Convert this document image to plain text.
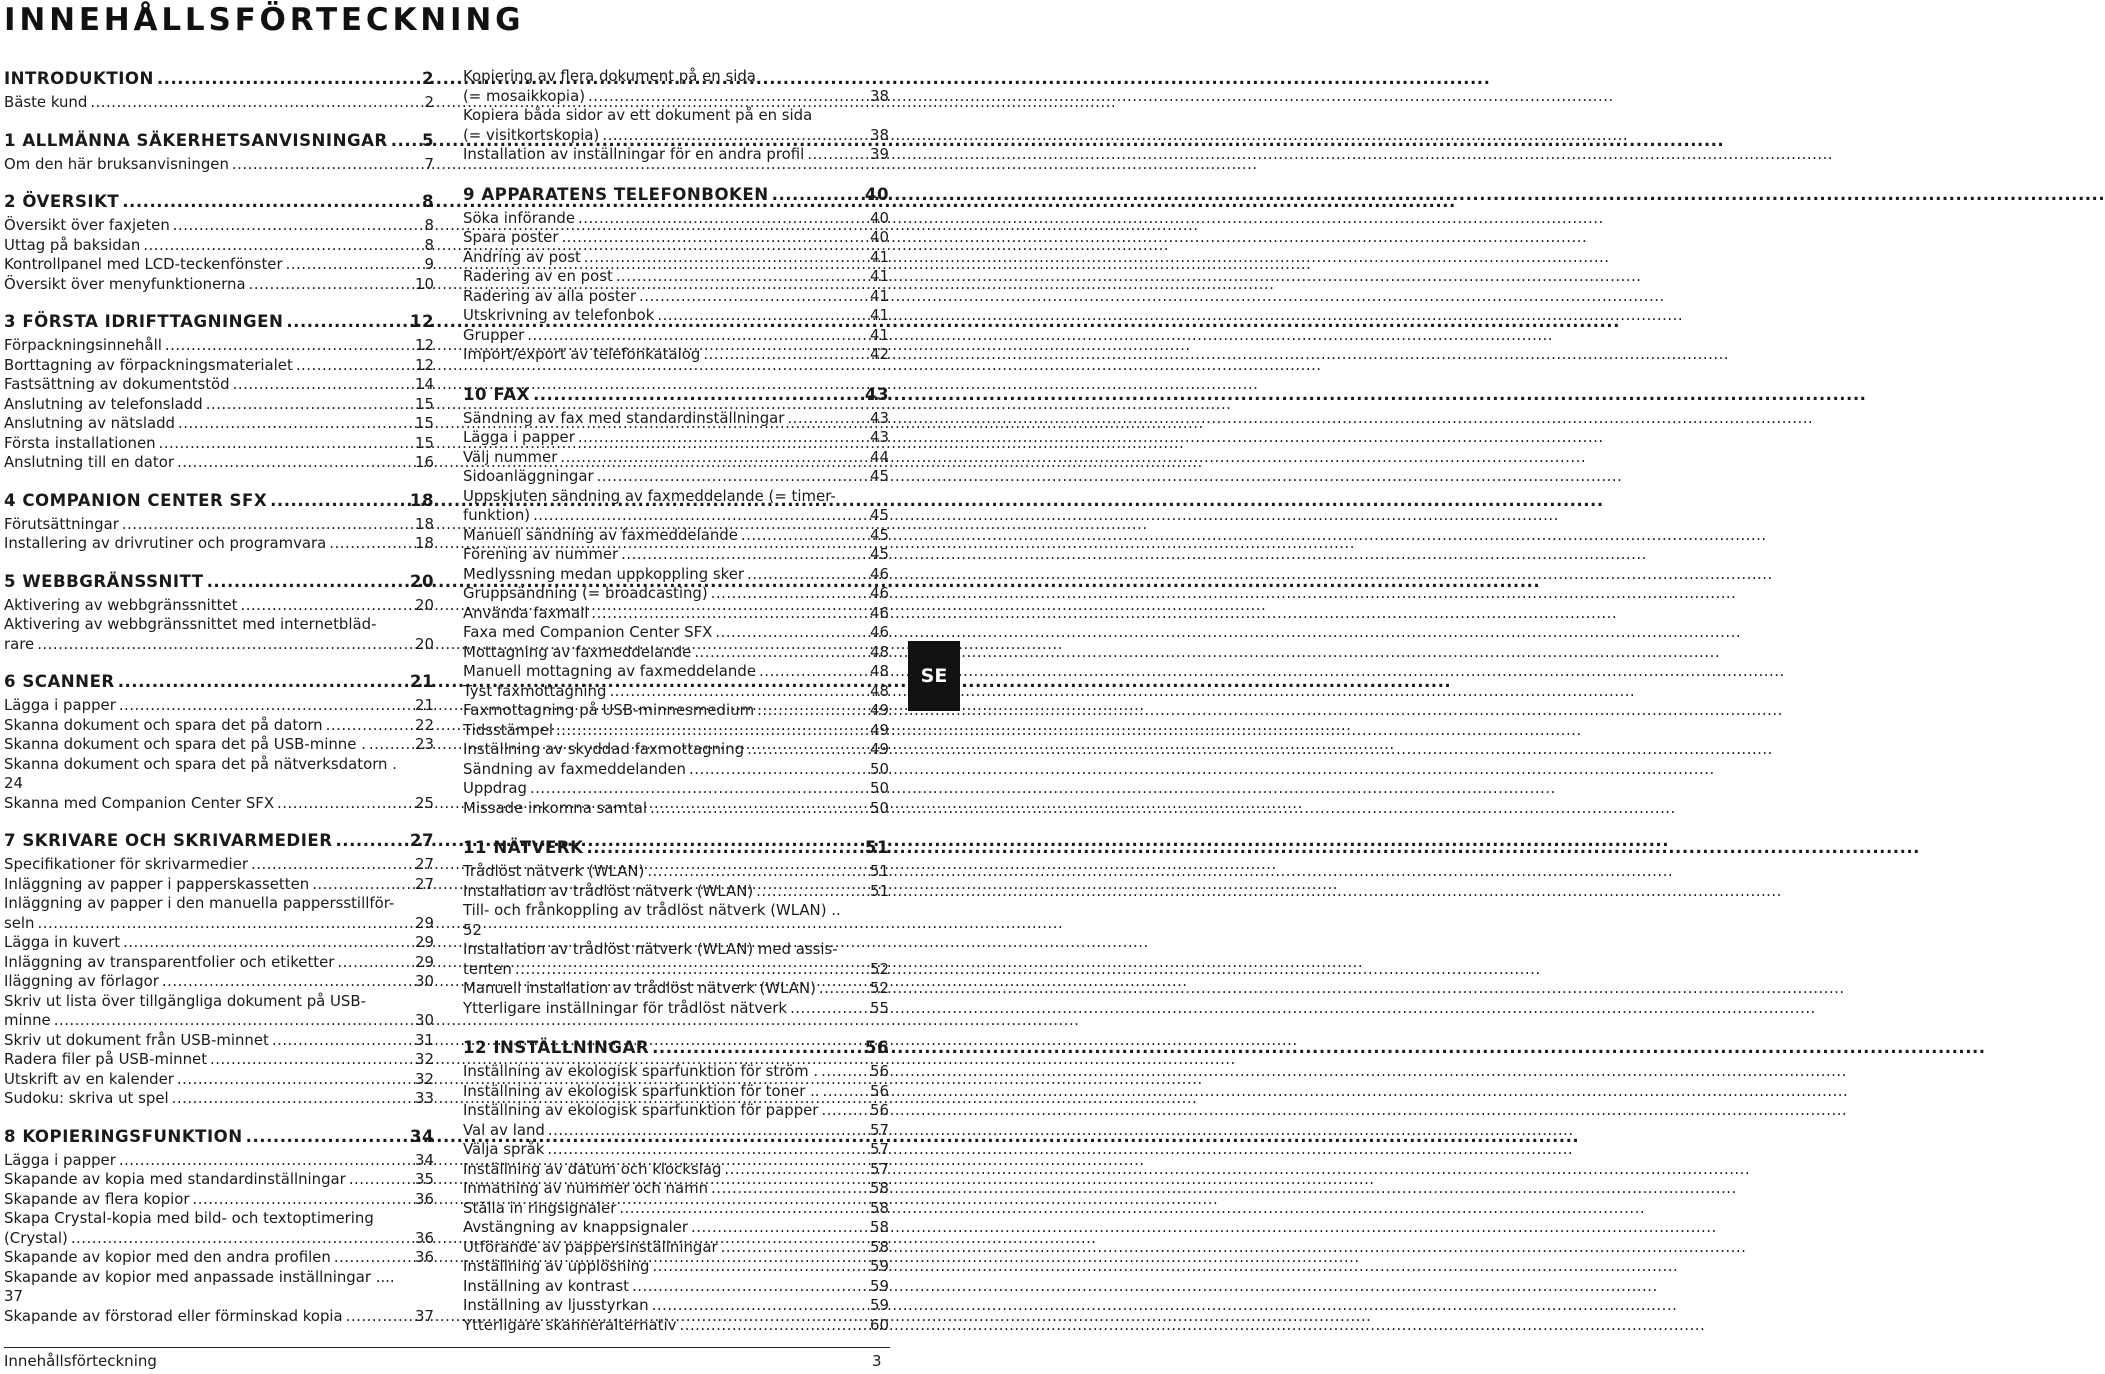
INNEHÅLLSFÖRTECKNING
INTRODUKTION .....	2
Bäste kund .....	2
1 ALLMÄNNA SÄKERHETSANVISNINGAR .....	5
Om den här bruksanvisningen .....	7
2 ÖVERSIKT .....	8
Översikt över faxjeten .....	8
Uttag på baksidan .....	8
Kontrollpanel med LCD-teckenfönster .....	9
Översikt över menyfunktionerna .....	10
3 FÖRSTA IDRIFTTAGNINGEN .....	12
Förpackningsinnehåll .....	12
Borttagning av förpackningsmaterialet .....	12
Fastsättning av dokumentstöd .....	14
Anslutning av telefonsladd .....	15
Anslutning av nätsladd .....	15
Första installationen .....	15
Anslutning till en dator .....	16
4 COMPANION CENTER SFX .....	18
Förutsättningar .....	18
Installering av drivrutiner och programvara .....	18
5 WEBBGRÄNSSNITT .....	20
Aktivering av webbgränssnittet .....	20
Aktivering av webbgränssnittet med internetbläd-
rare .....	20
6 SCANNER .....	21
Lägga i papper .....	21
Skanna dokument och spara det på datorn .....	22
Skanna dokument och spara det på USB-minne . .....	23
Skanna dokument och spara det på nätverksdatorn .
24
Skanna med Companion Center SFX .....	25
7 SKRIVARE OCH SKRIVARMEDIER .....	27
Specifikationer för skrivarmedier .....	27
Inläggning av papper i papperskassetten .....	27
Inläggning av papper i den manuella pappersstillför-
seln .....	29
Lägga in kuvert .....	29
Inläggning av transparentfolier och etiketter .....	29
Iläggning av förlagor .....	30
Skriv ut lista över tillgängliga dokument på USB-
minne .....	30
Skriv ut dokument från USB-minnet .....	31
Radera filer på USB-minnet .....	32
Utskrift av en kalender .....	32
Sudoku: skriva ut spel .....	33
8 KOPIERINGSFUNKTION .....	34
Lägga i papper .....	34
Skapande av kopia med standardinställningar .....	35
Skapande av flera kopior .....	36
Skapa Crystal-kopia med bild- och textoptimering
(Crystal) .....	36
Skapande av kopior med den andra profilen .....	36
Skapande av kopior med anpassade inställningar ....
37
Skapande av förstorad eller förminskad kopia .....	37
Kopiering av flera dokument på en sida
(= mosaikkopia) .....	38
Kopiera båda sidor av ett dokument på en sida
(= visitkortskopia) .....	38
Installation av inställningar för en andra profil .....	39
9 APPARATENS TELEFONBOKEN .....	40
Söka införande .....	40
Spara poster .....	40
Ändring av post .....	41
Radering av en post .....	41
Radering av alla poster .....	41
Utskrivning av telefonbok .....	41
Grupper .....	41
Import/export av telefonkatalog .....	42
10 FAX .....	43
Sändning av fax med standardinställningar .....	43
Lägga i papper .....	43
Välj nummer .....	44
Sidoanläggningar .....	45
Uppskjuten sändning av faxmeddelande (= timer-
funktion) .....	45
Manuell sändning av faxmeddelande .....	45
Förening av nummer .....	45
Medlyssning medan uppkoppling sker .....	46
Gruppsändning (= broadcasting) .....	46
Använda faxmall .....	46
Faxa med Companion Center SFX .....	46
Mottagning av faxmeddelande .....	48
Manuell mottagning av faxmeddelande .....	48
Tyst faxmottagning .....	48
Faxmottagning på USB-minnesmedium .....	49
Tidsstämpel .....	49
Inställning av skyddad faxmottagning .....	49
Sändning av faxmeddelanden .....	50
Uppdrag .....	50
Missade inkomna samtal .....	50
11 NÄTVERK .....	51
Trådlöst nätverk (WLAN) .....	51
Installation av trådlöst nätverk (WLAN) .....	51
Till- och frånkoppling av trådlöst nätverk (WLAN) ..
52
Installation av trådlöst nätverk (WLAN) med assis-
tenten .....	52
Manuell installation av trådlöst nätverk (WLAN) .....	52
Ytterligare inställningar för trådlöst nätverk .....	55
12 INSTÄLLNINGAR .....	56
Inställning av ekologisk sparfunktion för ström . .....	56
Inställning av ekologisk sparfunktion för toner .. .....	56
Inställning av ekologisk sparfunktion för papper .....	56
Val av land .....	57
Välja språk .....	57
Inställning av datum och klockslag .....	57
Inmatning av nummer och namn .....	58
Ställa in ringsignaler .....	58
Avstängning av knappsignaler .....	58
Utförande av pappersinställningar .....	58
Inställning av upplösning .....	59
Inställning av kontrast .....	59
Inställning av ljusstyrkan .....	59
Ytterligare skanneralternativ .....	60
SE
Innehållsförteckning	3
